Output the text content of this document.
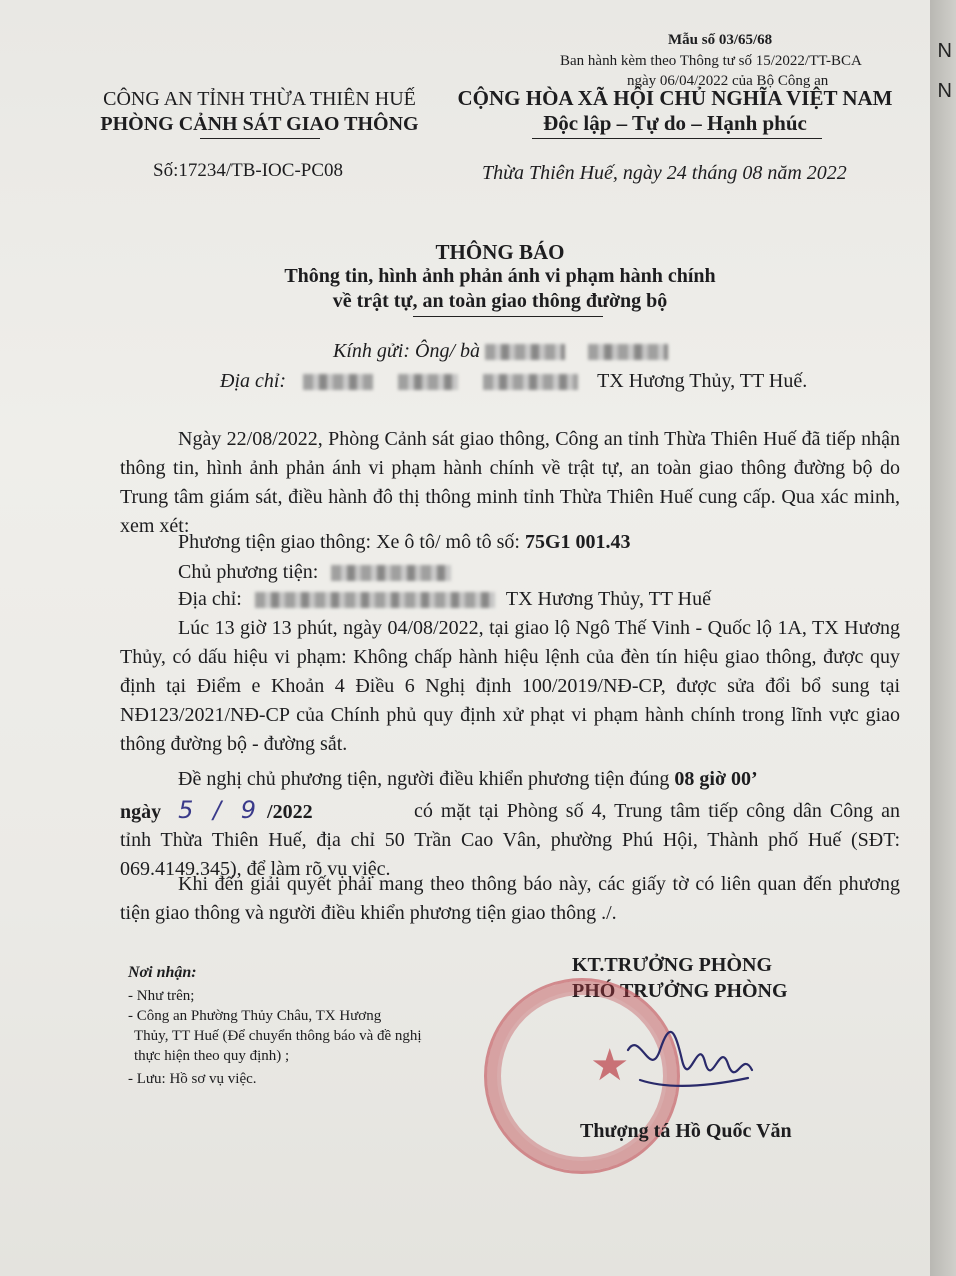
Mẫu số 03/65/68
Ban hành kèm theo Thông tư số 15/2022/TT-BCA
ngày 06/04/2022 của Bộ Công an
CÔNG AN TỈNH THỪA THIÊN HUẾ
PHÒNG CẢNH SÁT GIAO THÔNG
Số:17234/TB-IOC-PC08
CỘNG HÒA XÃ HỘI CHỦ NGHĨA VIỆT NAM
Độc lập – Tự do – Hạnh phúc
Thừa Thiên Huế, ngày 24 tháng 08 năm 2022
THÔNG BÁO
Thông tin, hình ảnh phản ánh vi phạm hành chính
về trật tự, an toàn giao thông đường bộ
Kính gửi: Ông/ bà
Địa chỉ:	TX Hương Thủy, TT Huế.
Ngày 22/08/2022, Phòng Cảnh sát giao thông, Công an tỉnh Thừa Thiên Huế đã tiếp nhận thông tin, hình ảnh phản ánh vi phạm hành chính về trật tự, an toàn giao thông đường bộ do Trung tâm giám sát, điều hành đô thị thông minh tỉnh Thừa Thiên Huế cung cấp. Qua xác minh, xem xét:
Phương tiện giao thông: Xe ô tô/ mô tô số: 75G1 001.43
Chủ phương tiện:
Địa chỉ:	TX Hương Thủy, TT Huế
Lúc 13 giờ 13 phút, ngày 04/08/2022, tại giao lộ Ngô Thế Vinh - Quốc lộ 1A, TX Hương Thủy, có dấu hiệu vi phạm: Không chấp hành hiệu lệnh của đèn tín hiệu giao thông, được quy định tại Điểm e Khoản 4 Điều 6 Nghị định 100/2019/NĐ-CP, được sửa đổi bổ sung tại NĐ123/2021/NĐ-CP của Chính phủ quy định xử phạt vi phạm hành chính trong lĩnh vực giao thông đường bộ - đường sắt.
Đề nghị chủ phương tiện, người điều khiển phương tiện đúng 08 giờ 00’
ngày 5 / 9 /2022	có mặt tại Phòng số 4, Trung tâm tiếp công dân Công an tỉnh Thừa Thiên Huế, địa chỉ 50 Trần Cao Vân, phường Phú Hội, Thành phố Huế (SĐT: 069.4149.345), để làm rõ vụ việc.
Khi đến giải quyết phải mang theo thông báo này, các giấy tờ có liên quan đến phương tiện giao thông và người điều khiển phương tiện giao thông ./.
Nơi nhận:
- Như trên;
- Công an Phường Thủy Châu, TX Hương
Thủy, TT Huế (Để chuyển thông báo và đề nghị
thực hiện theo quy định) ;
- Lưu: Hồ sơ vụ việc.
KT.TRƯỞNG PHÒNG
PHÓ TRƯỞNG PHÒNG
★
Thượng tá Hồ Quốc Văn
N
N
